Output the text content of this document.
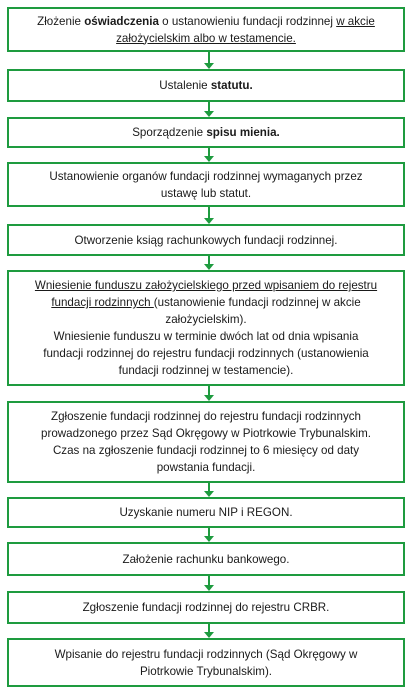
Złożenie oświadczenia o ustanowieniu fundacji rodzinnej w akcie
założycielskim albo w testamencie.
Ustalenie statutu.
Sporządzenie spisu mienia.
Ustanowienie organów fundacji rodzinnej wymaganych przez
ustawę lub statut.
Otworzenie ksiąg rachunkowych fundacji rodzinnej.
Wniesienie funduszu założycielskiego przed wpisaniem do rejestru
fundacji rodzinnych (ustanowienie fundacji rodzinnej w akcie
założycielskim).
Wniesienie funduszu w terminie dwóch lat od dnia wpisania
fundacji rodzinnej do rejestru fundacji rodzinnych (ustanowienia
fundacji rodzinnej w testamencie).
Zgłoszenie fundacji rodzinnej do rejestru fundacji rodzinnych
prowadzonego przez Sąd Okręgowy w Piotrkowie Trybunalskim.
Czas na zgłoszenie fundacji rodzinnej to 6 miesięcy od daty
powstania fundacji.
Uzyskanie numeru NIP i REGON.
Założenie rachunku bankowego.
Zgłoszenie fundacji rodzinnej do rejestru CRBR.
Wpisanie do rejestru fundacji rodzinnych (Sąd Okręgowy w
Piotrkowie Trybunalskim).
